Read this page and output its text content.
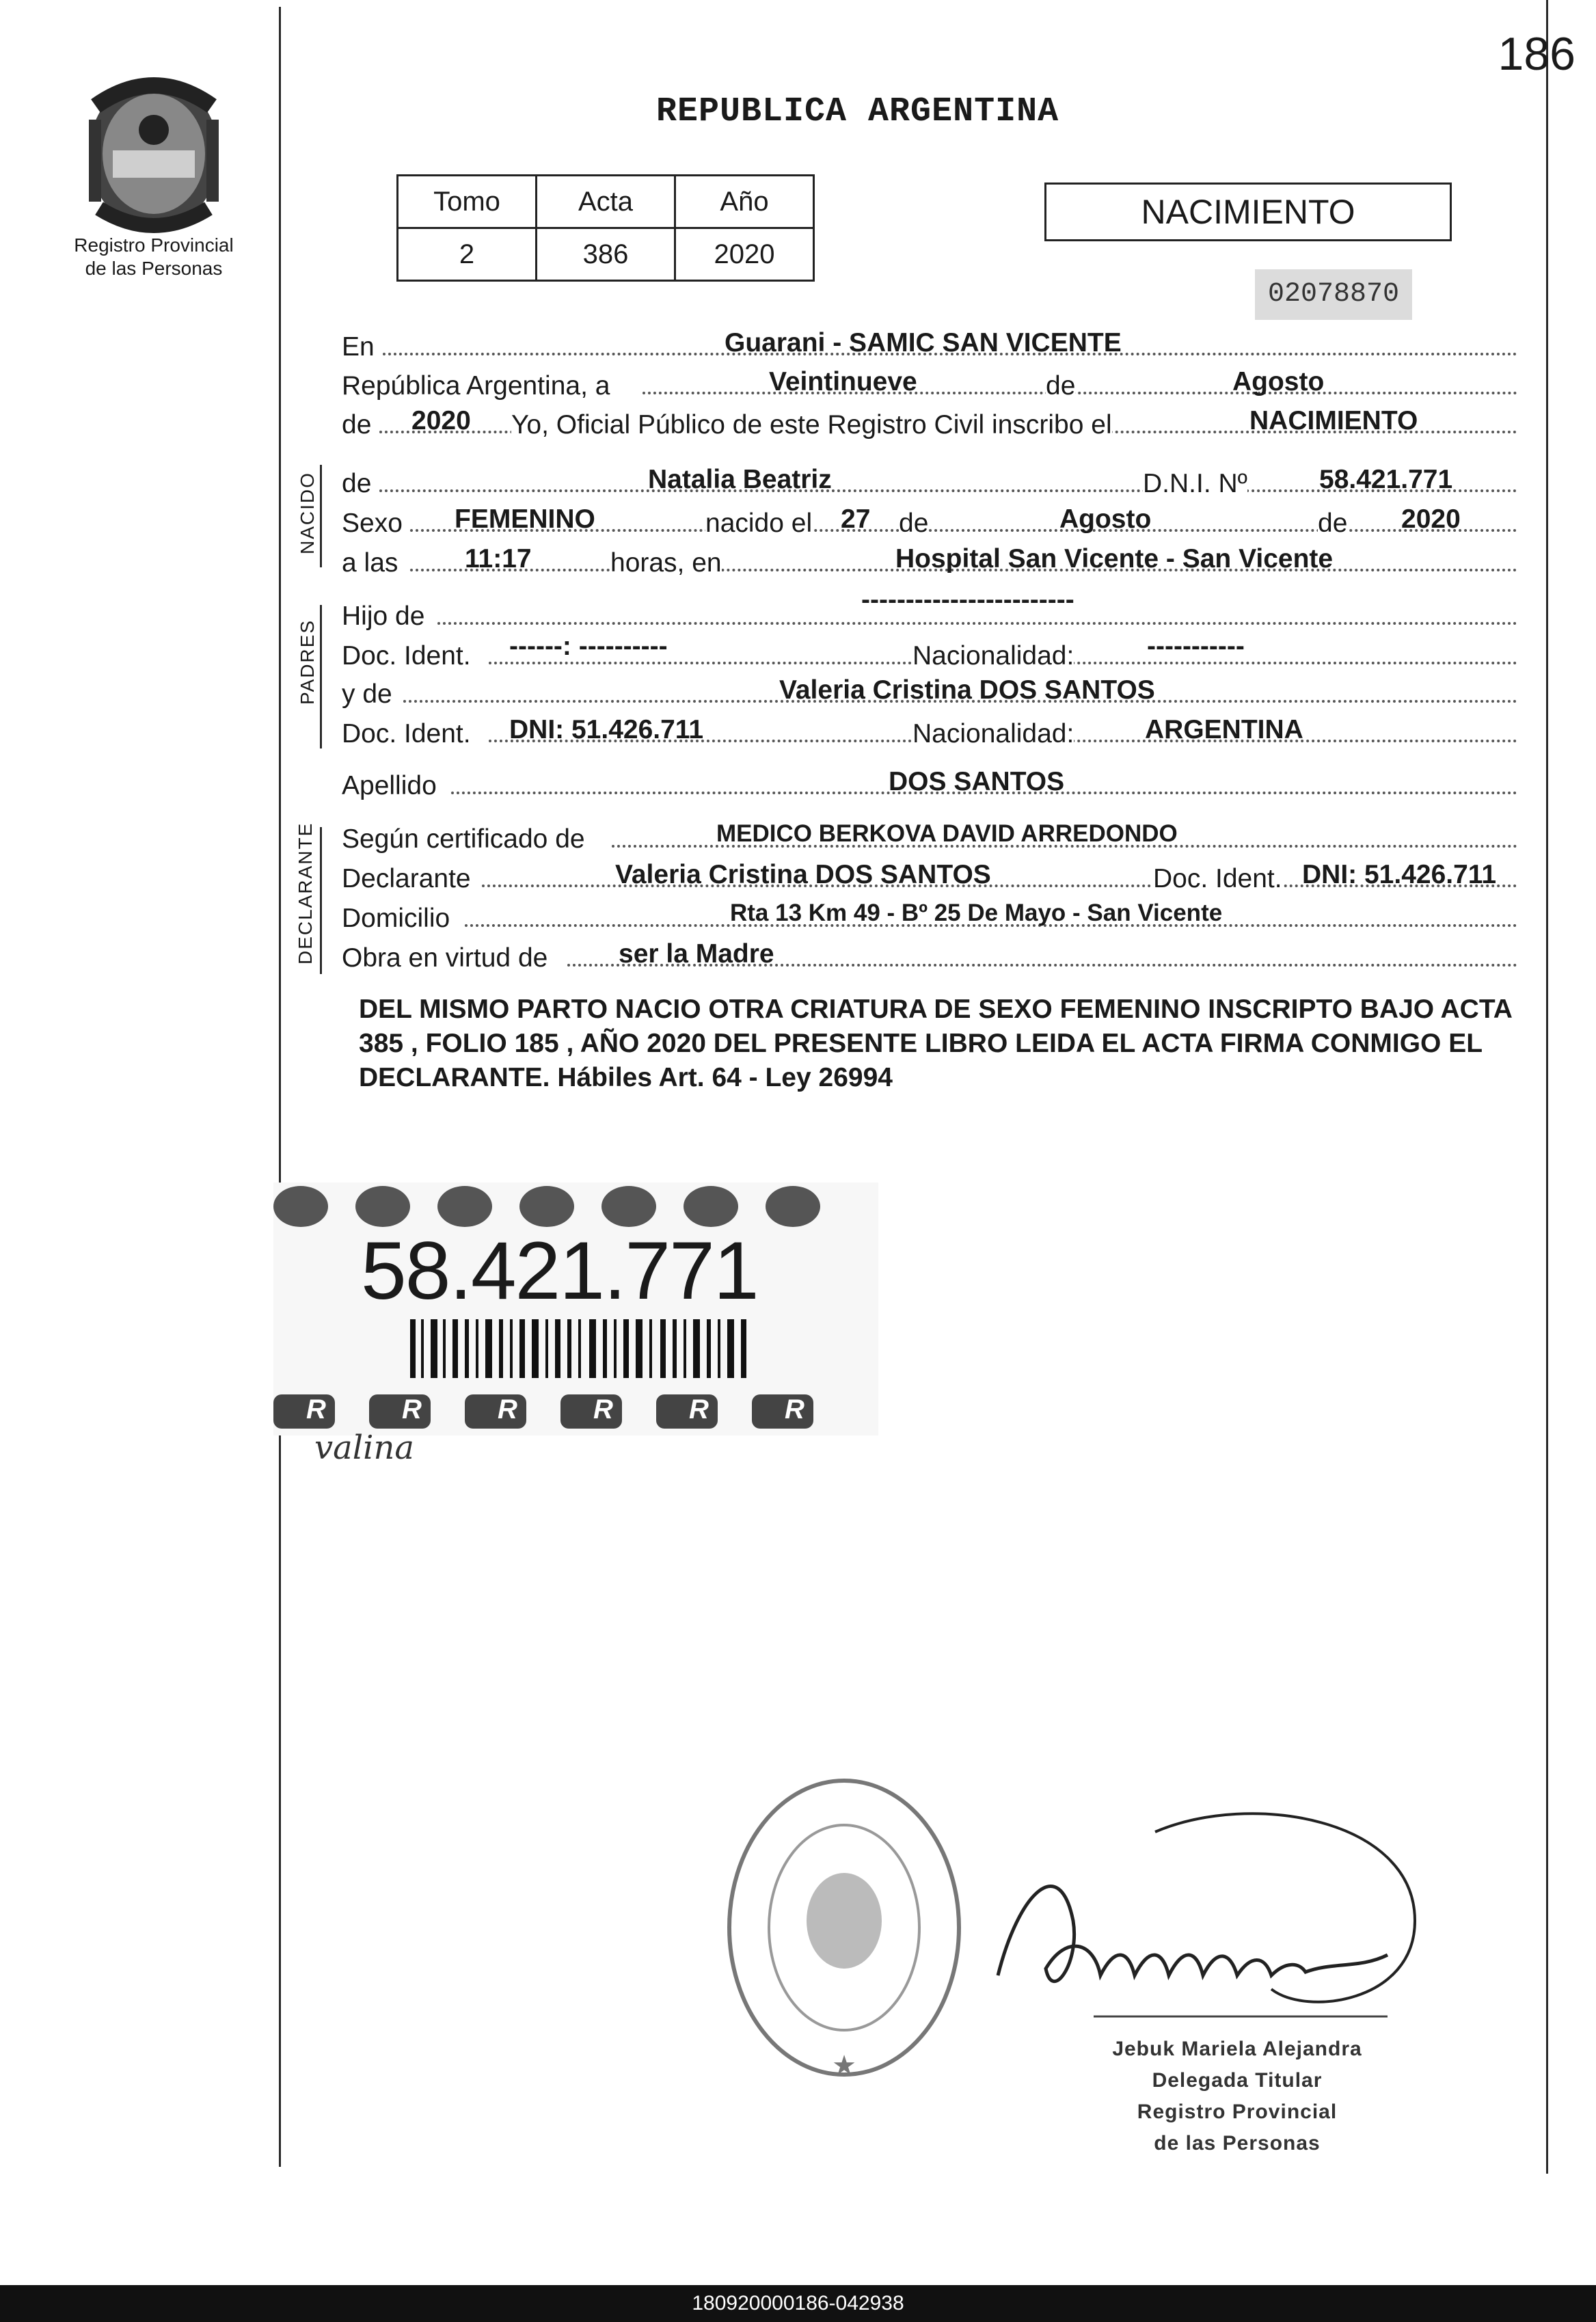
186
Registro Provincial
de las Personas
REPUBLICA ARGENTINA
Tomo	Acta	Año
2	386	2020
NACIMIENTO
02078870
En	Guarani - SAMIC SAN VICENTE
República Argentina, a	Veintinueve	de	Agosto
de 2020 Yo, Oficial Público de este Registro Civil inscribo el	NACIMIENTO
NACIDO de	Natalia Beatriz	D.N.I. Nº	58.421.771
Sexo FEMENINO	nacido el 27 de	Agosto	de 2020
a las	11:17	horas, en	Hospital San Vicente - San Vicente
PADRES
Hijo de
------------------------
Doc. Ident. ------: ----------	Nacionalidad:	-----------
y de	Valeria Cristina DOS SANTOS
Doc. Ident. DNI: 51.426.711	Nacionalidad:	ARGENTINA
Apellido	DOS SANTOS
DECLARANTE Según certificado de	MEDICO BERKOVA DAVID ARREDONDO
Declarante	Valeria Cristina DOS SANTOS	Doc. Ident. DNI: 51.426.711
Domicilio	Rta 13 Km 49 - Bº 25 De Mayo - San Vicente
Obra en virtud de	ser la Madre
DEL MISMO PARTO NACIO OTRA CRIATURA DE SEXO FEMENINO INSCRIPTO BAJO ACTA 385 , FOLIO 185 , AÑO 2020 DEL PRESENTE LIBRO LEIDA EL ACTA FIRMA CONMIGO EL DECLARANTE. Hábiles Art. 64 - Ley 26994
58.421.771
R	R	R	R	R	R
valina
★
Jebuk Mariela Alejandra
Delegada Titular
Registro Provincial
de las Personas
180920000186-042938
